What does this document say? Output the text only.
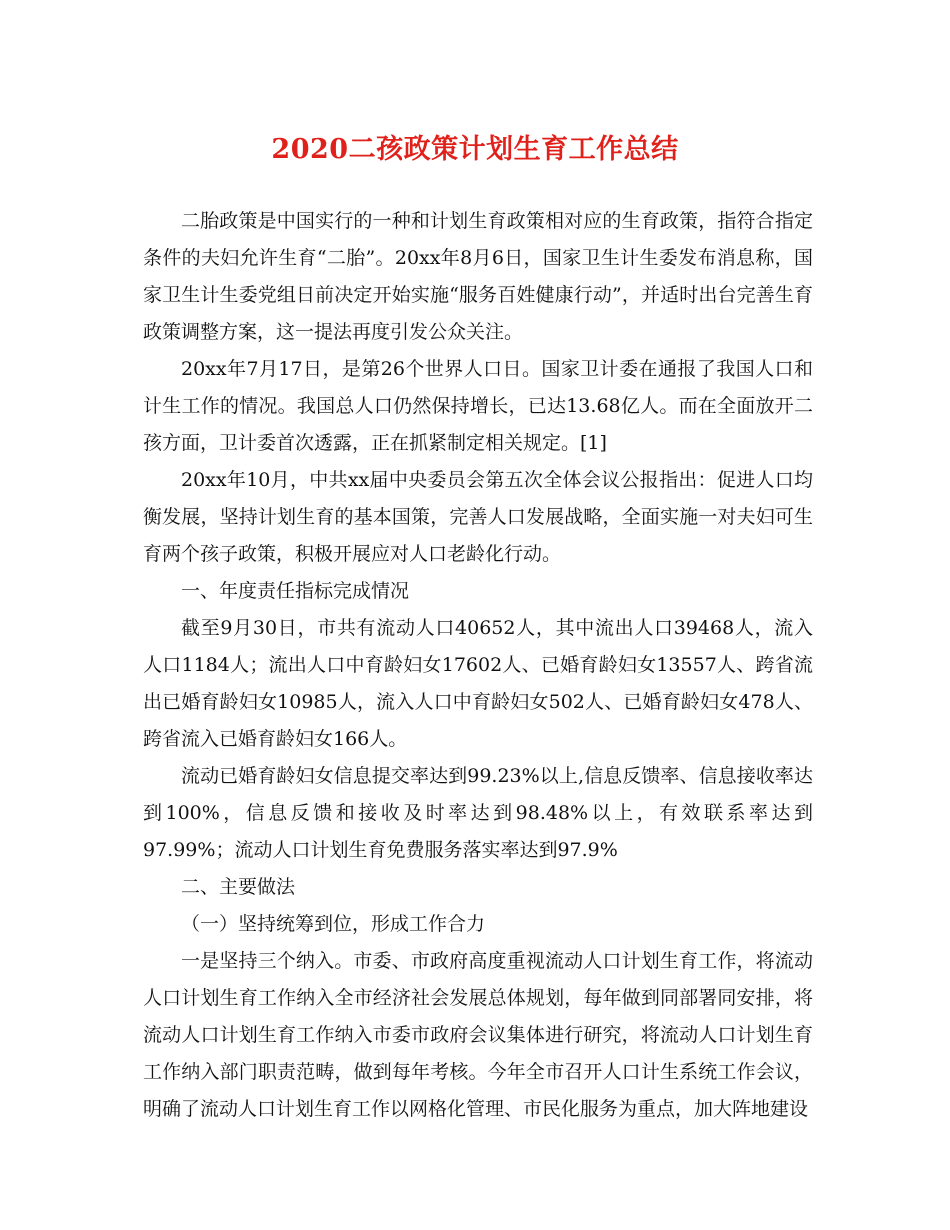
2020二孩政策计划生育工作总结

二胎政策是中国实行的一种和计划生育政策相对应的生育政策，指符合指定条件的夫妇允许生育“二胎”。20xx年8月6日，国家卫生计生委发布消息称，国家卫生计生委党组日前决定开始实施“服务百姓健康行动”，并适时出台完善生育政策调整方案，这一提法再度引发公众关注。

20xx年7月17日，是第26个世界人口日。国家卫计委在通报了我国人口和计生工作的情况。我国总人口仍然保持增长，已达13.68亿人。而在全面放开二孩方面，卫计委首次透露，正在抓紧制定相关规定。[1]

20xx年10月，中共xx届中央委员会第五次全体会议公报指出：促进人口均衡发展，坚持计划生育的基本国策，完善人口发展战略，全面实施一对夫妇可生育两个孩子政策，积极开展应对人口老龄化行动。

一、年度责任指标完成情况

截至9月30日，市共有流动人口40652人，其中流出人口39468人，流入人口1184人；流出人口中育龄妇女17602人、已婚育龄妇女13557人、跨省流出已婚育龄妇女10985人，流入人口中育龄妇女502人、已婚育龄妇女478人、跨省流入已婚育龄妇女166人。

流动已婚育龄妇女信息提交率达到99.23%以上,信息反馈率、信息接收率达到100%，信息反馈和接收及时率达到98.48%以上，有效联系率达到97.99%；流动人口计划生育免费服务落实率达到97.9%

二、主要做法

（一）坚持统筹到位，形成工作合力

一是坚持三个纳入。市委、市政府高度重视流动人口计划生育工作，将流动人口计划生育工作纳入全市经济社会发展总体规划，每年做到同部署同安排，将流动人口计划生育工作纳入市委市政府会议集体进行研究，将流动人口计划生育工作纳入部门职责范畴，做到每年考核。今年全市召开人口计生系统工作会议，明确了流动人口计划生育工作以网格化管理、市民化服务为重点，加大阵地建设
